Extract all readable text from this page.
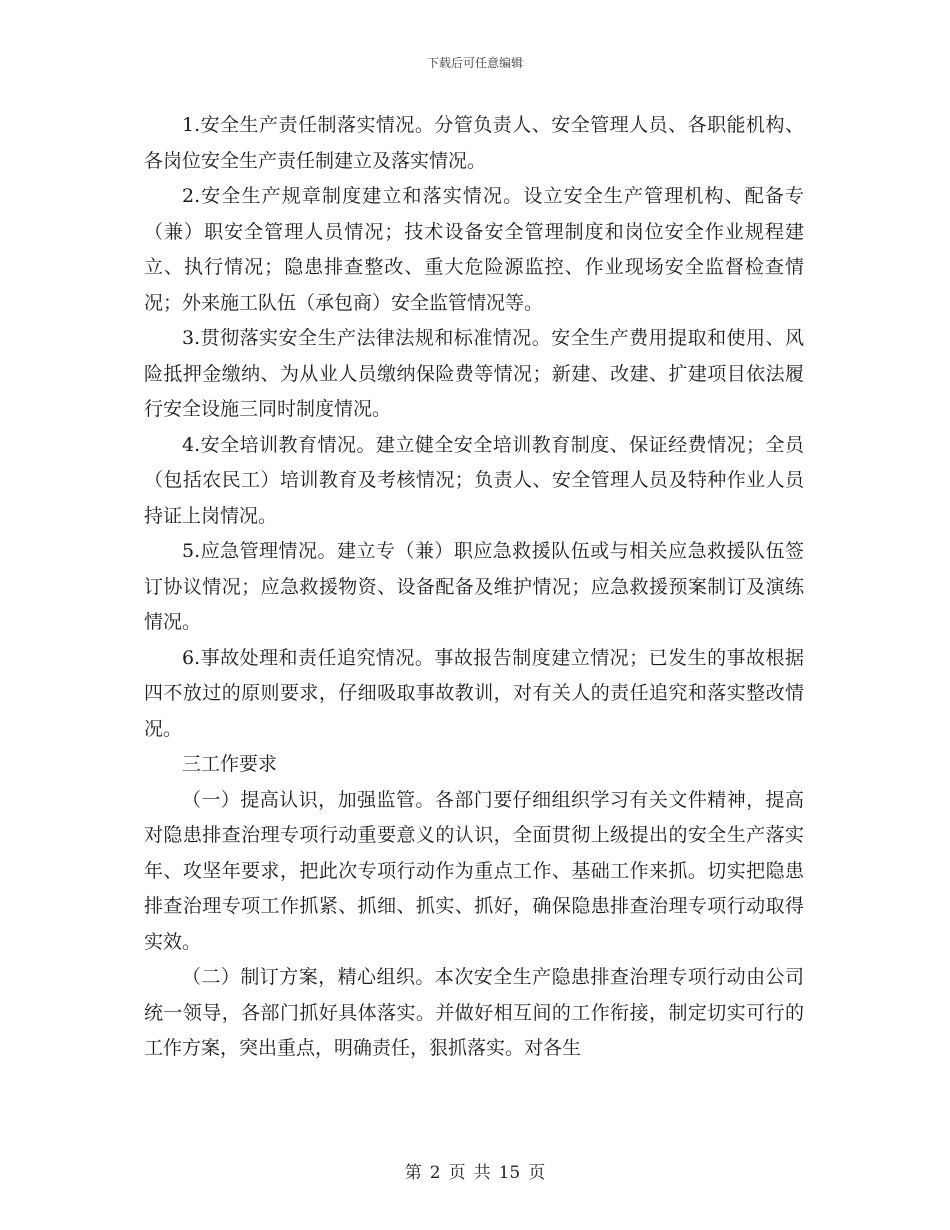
下载后可任意编辑

1.安全生产责任制落实情况。分管负责人、安全管理人员、各职能机构、各岗位安全生产责任制建立及落实情况。

2.安全生产规章制度建立和落实情况。设立安全生产管理机构、配备专（兼）职安全管理人员情况；技术设备安全管理制度和岗位安全作业规程建立、执行情况；隐患排查整改、重大危险源监控、作业现场安全监督检查情况；外来施工队伍（承包商）安全监管情况等。

3.贯彻落实安全生产法律法规和标准情况。安全生产费用提取和使用、风险抵押金缴纳、为从业人员缴纳保险费等情况；新建、改建、扩建项目依法履行安全设施三同时制度情况。

4.安全培训教育情况。建立健全安全培训教育制度、保证经费情况；全员（包括农民工）培训教育及考核情况；负责人、安全管理人员及特种作业人员持证上岗情况。

5.应急管理情况。建立专（兼）职应急救援队伍或与相关应急救援队伍签订协议情况；应急救援物资、设备配备及维护情况；应急救援预案制订及演练情况。

6.事故处理和责任追究情况。事故报告制度建立情况；已发生的事故根据四不放过的原则要求，仔细吸取事故教训，对有关人的责任追究和落实整改情况。

三工作要求

（一）提高认识，加强监管。各部门要仔细组织学习有关文件精神，提高对隐患排查治理专项行动重要意义的认识，全面贯彻上级提出的安全生产落实年、攻坚年要求，把此次专项行动作为重点工作、基础工作来抓。切实把隐患排查治理专项工作抓紧、抓细、抓实、抓好，确保隐患排查治理专项行动取得实效。

（二）制订方案，精心组织。本次安全生产隐患排查治理专项行动由公司统一领导，各部门抓好具体落实。并做好相互间的工作衔接，制定切实可行的工作方案，突出重点，明确责任，狠抓落实。对各生

第 2 页 共 15 页
